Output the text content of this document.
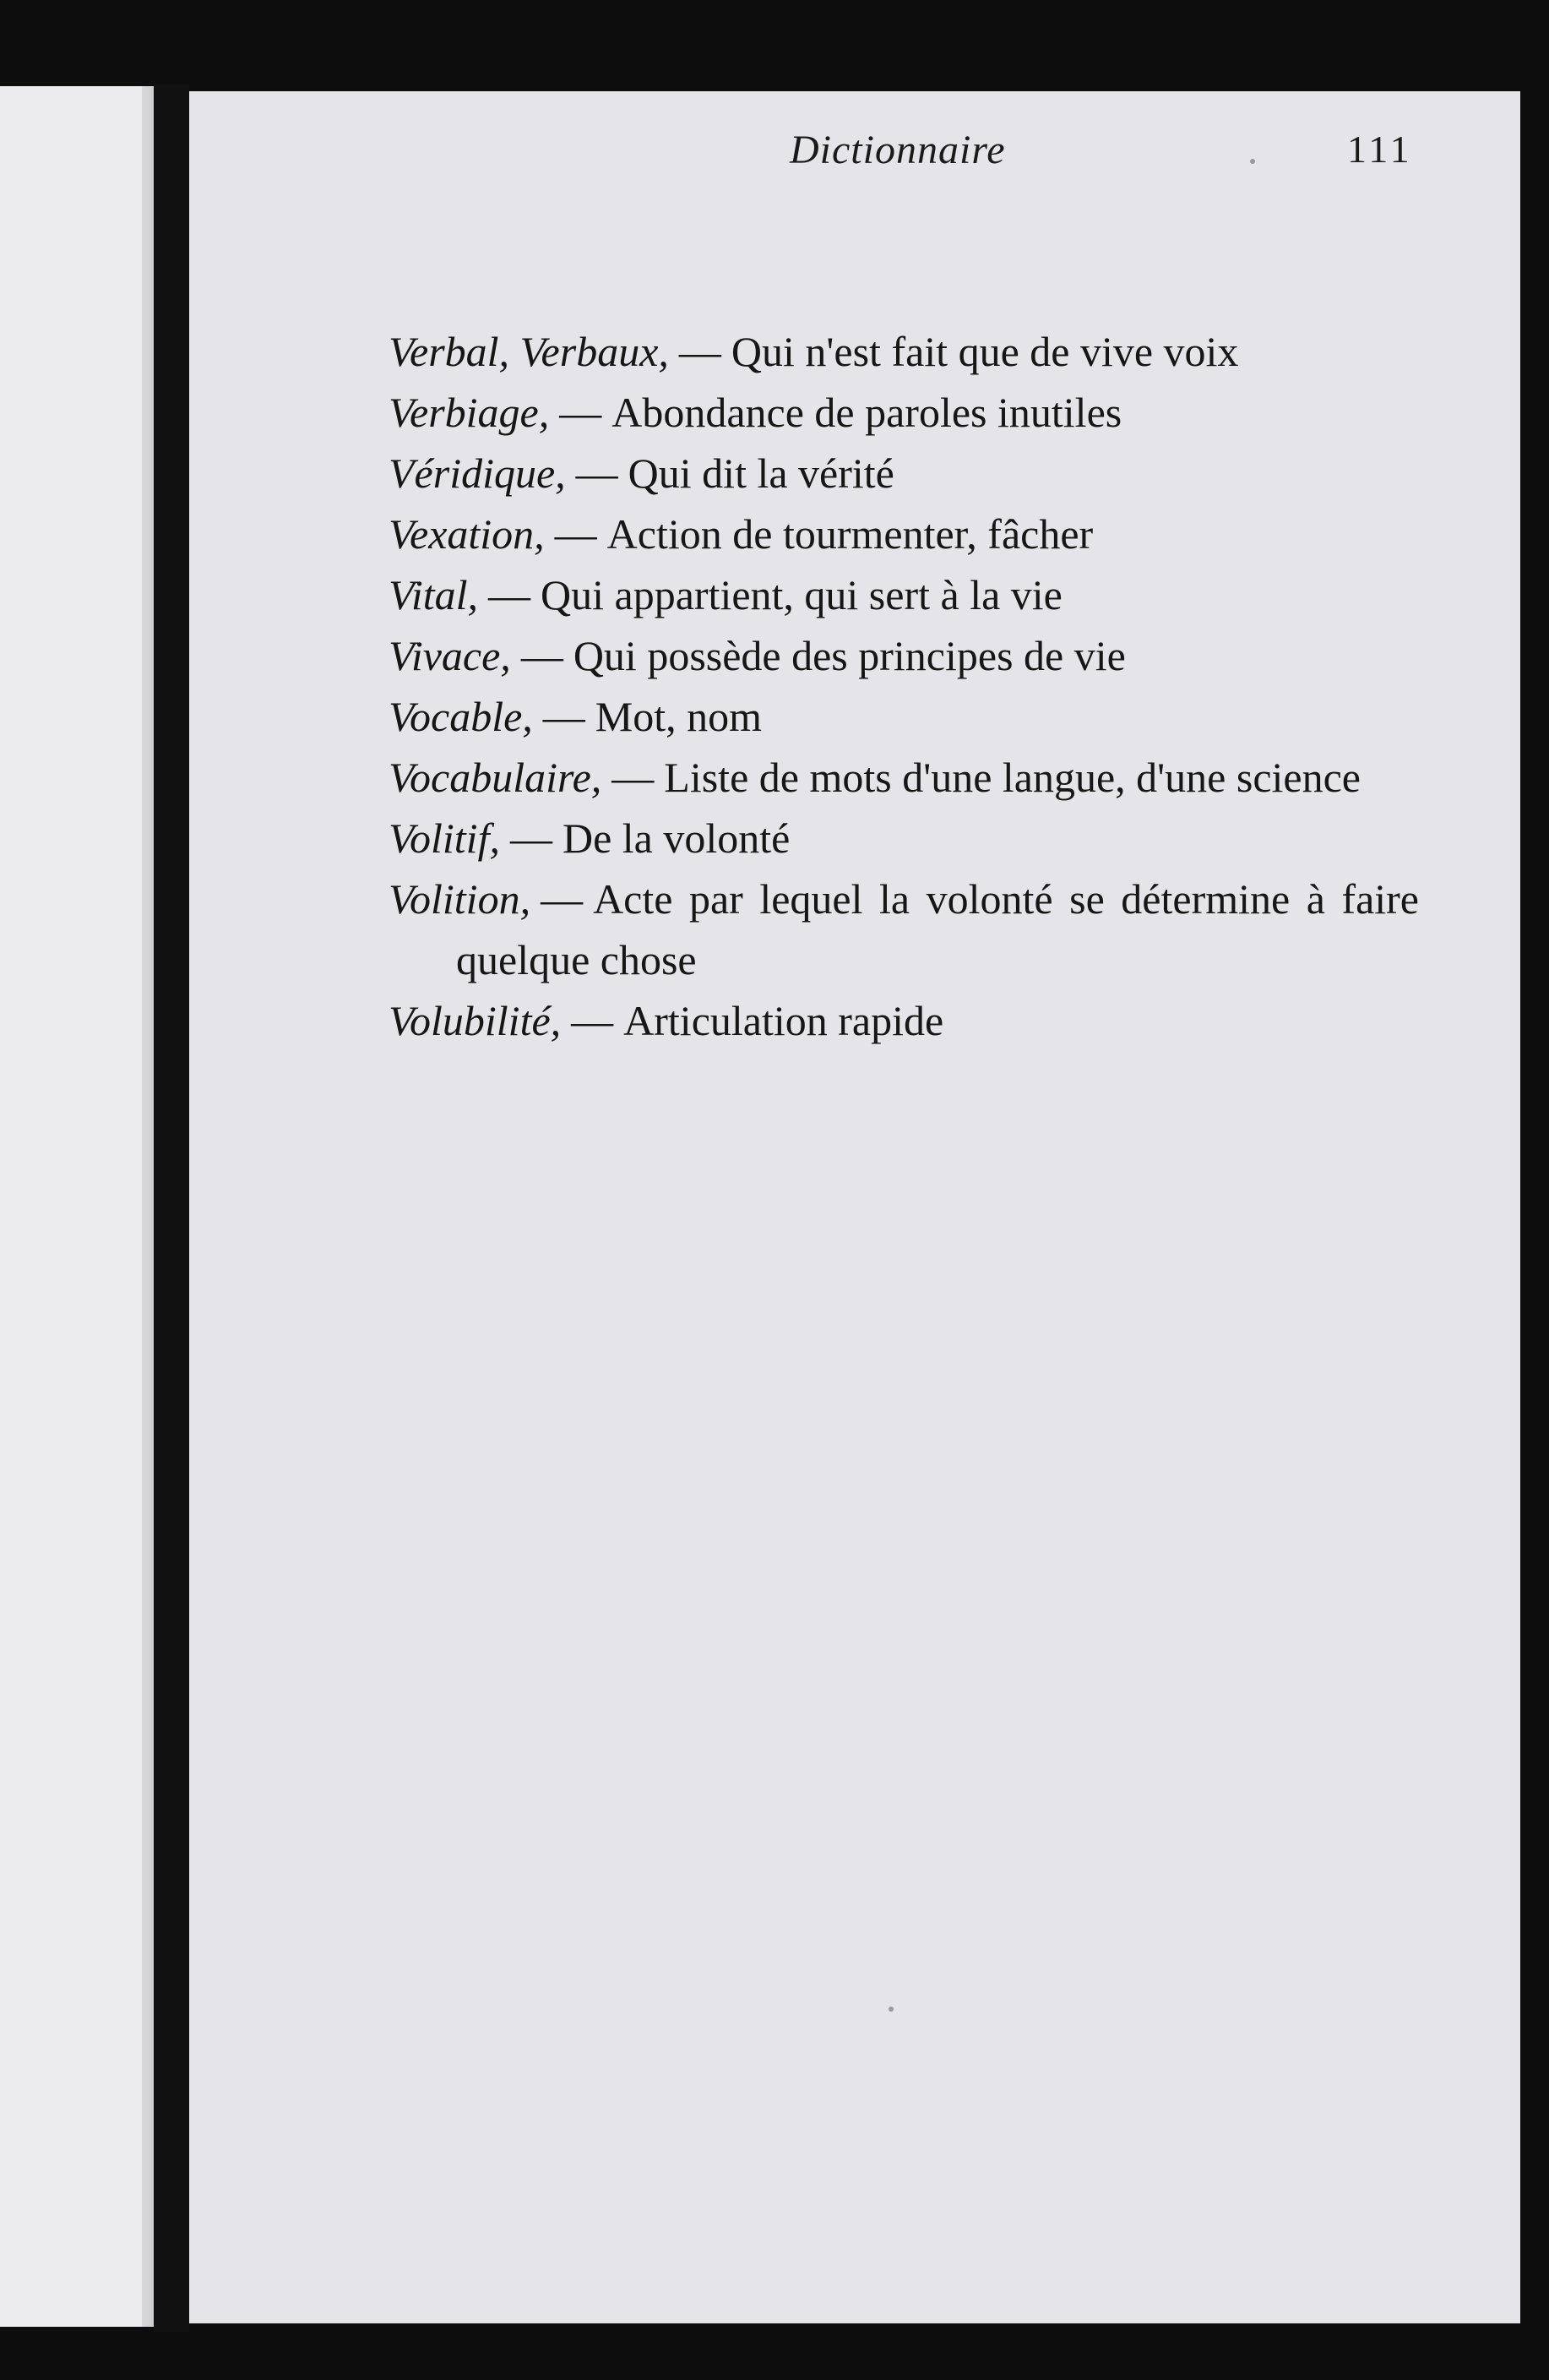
Dictionnaire	111

Verbal, Verbaux, — Qui n'est fait que de vive voix

Verbiage, — Abondance de paroles inutiles

Véridique, — Qui dit la vérité

Vexation, — Action de tourmenter, fâcher

Vital, — Qui appartient, qui sert à la vie

Vivace, — Qui possède des principes de vie

Vocable, — Mot, nom

Vocabulaire, — Liste de mots d'une langue, d'une science

Volitif, — De la volonté

Volition, — Acte par lequel la volonté se détermine à faire quelque chose

Volubilité, — Articulation rapide
